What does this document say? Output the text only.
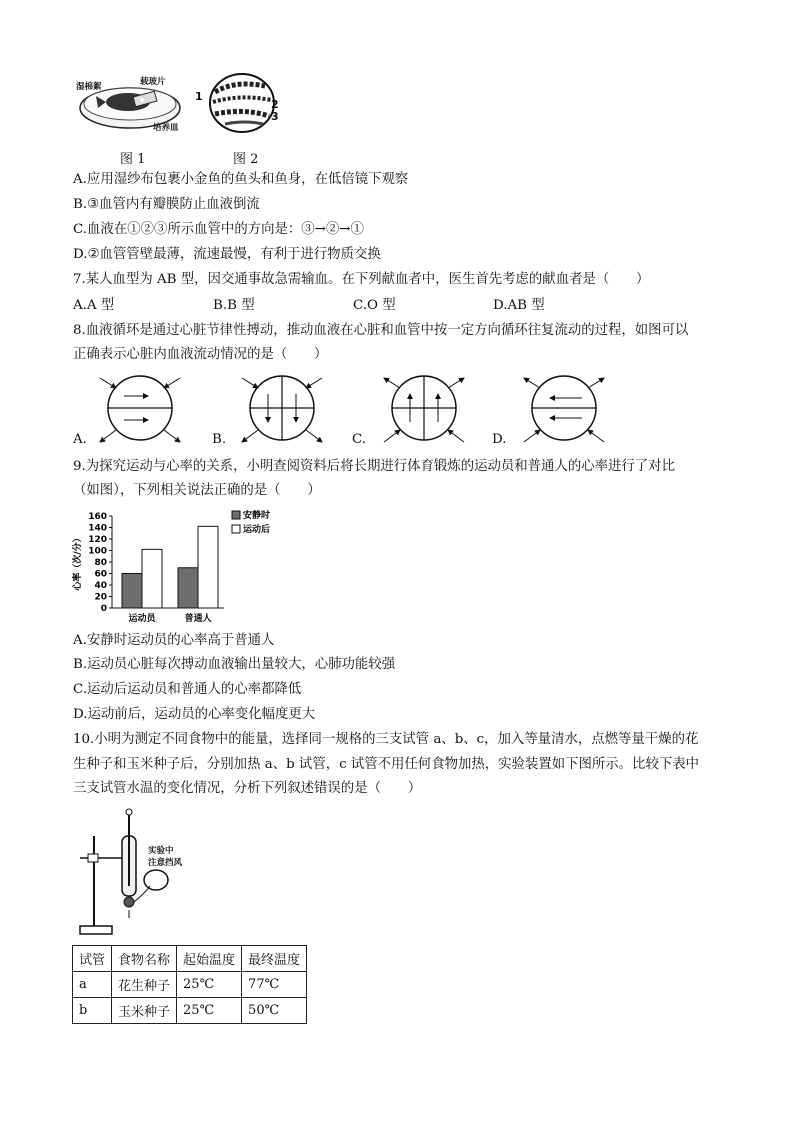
湿棉絮	载玻片
培养皿
图 1
1
2
3
图 2
A.应用湿纱布包裹小金鱼的鱼头和鱼身，在低倍镜下观察
B.③血管内有瓣膜防止血液倒流
C.血液在①②③所示血管中的方向是：③→②→①
D.②血管管壁最薄，流速最慢，有利于进行物质交换
7.某人血型为 AB 型，因交通事故急需输血。在下列献血者中，医生首先考虑的献血者是（　　）
A.A 型	B.B 型	C.O 型	D.AB 型
8.血液循环是通过心脏节律性搏动，推动血液在心脏和血管中按一定方向循环往复流动的过程，如图可以
正确表示心脏内血液流动情况的是（　　）
A.	B.	C.	D.
9.为探究运动与心率的关系，小明查阅资料后将长期进行体育锻炼的运动员和普通人的心率进行了对比
（如图），下列相关说法正确的是（　　）
0
20
40
60
80
100
120
140
160
心率（次/分）
运动员	普通人
安静时
运动后
A.安静时运动员的心率高于普通人
B.运动员心脏每次搏动血液输出量较大，心肺功能较强
C.运动后运动员和普通人的心率都降低
D.运动前后，运动员的心率变化幅度更大
10.小明为测定不同食物中的能量，选择同一规格的三支试管 a、b、c，加入等量清水，点燃等量干燥的花
生种子和玉米种子后，分别加热 a、b 试管，c 试管不用任何食物加热，实验装置如下图所示。比较下表中
三支试管水温的变化情况，分析下列叙述错误的是（　　）
实验中
注意挡风
试管	食物名称	起始温度	最终温度
a	花生种子	25℃	77℃
b	玉米种子	25℃	50℃
